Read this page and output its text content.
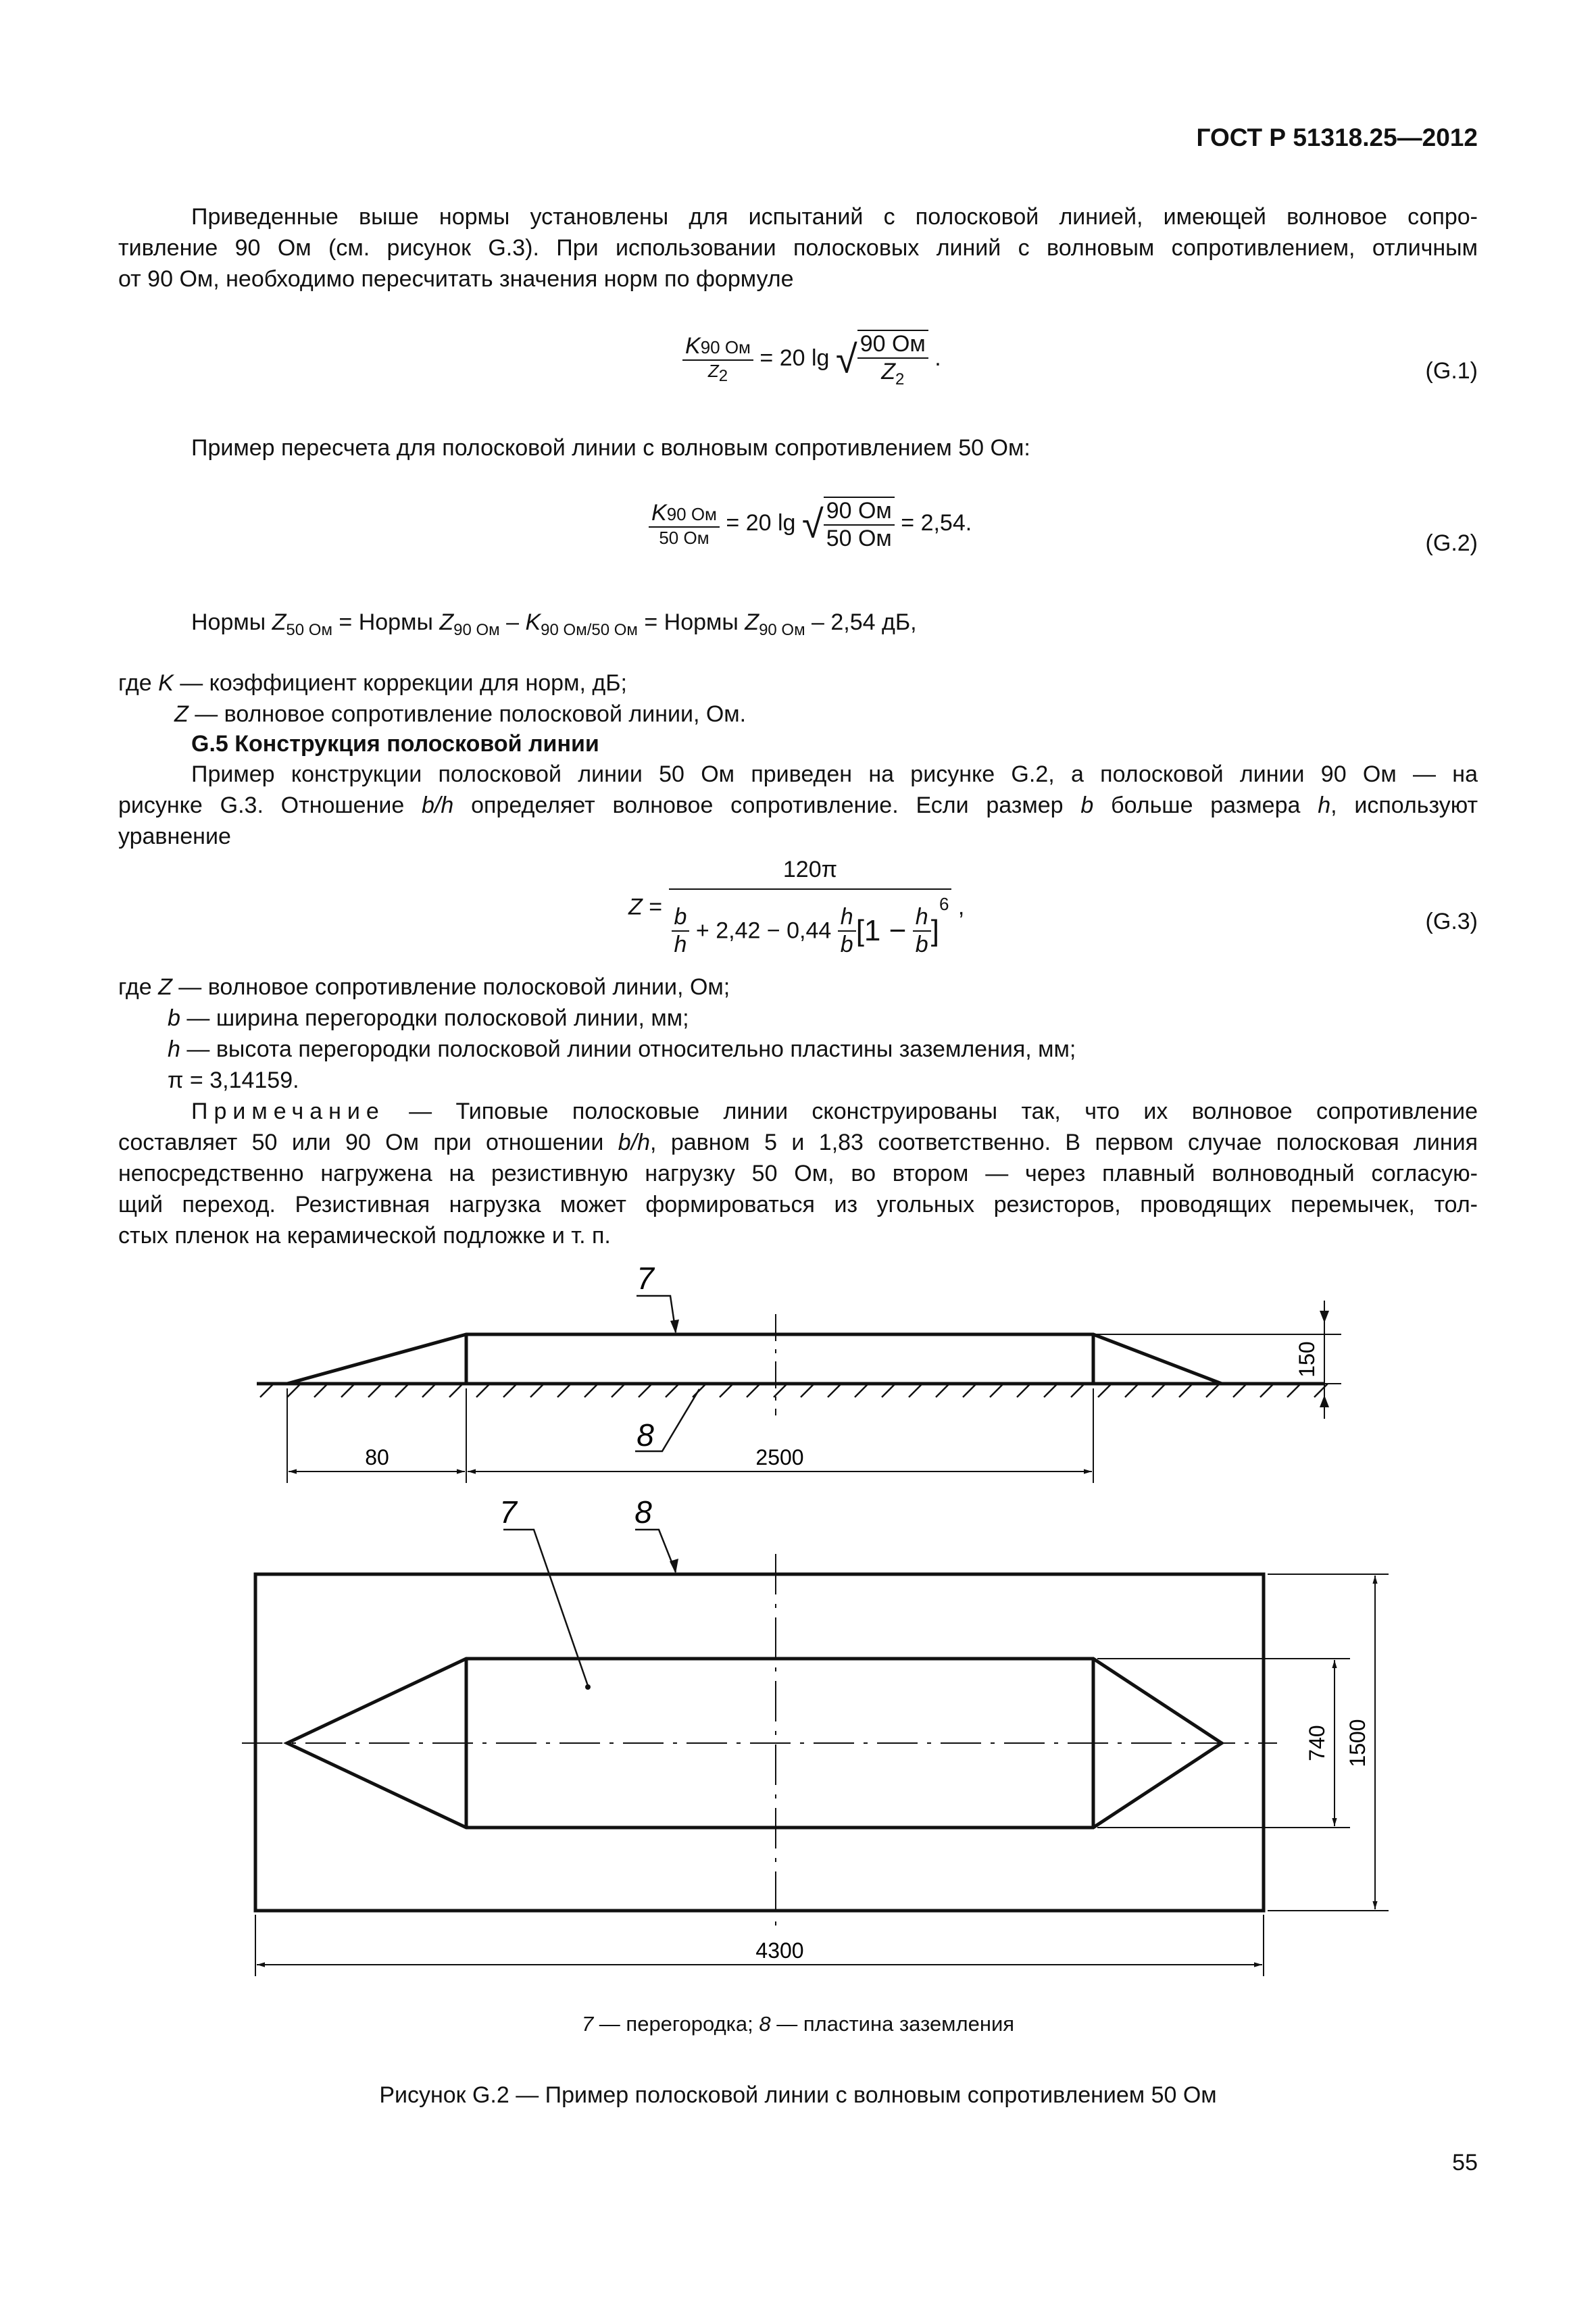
ГОСТ Р 51318.25—2012
Приведенные выше нормы установлены для испытаний с полосковой линией, имеющей волновое сопро-
тивление 90 Ом (см. рисунок G.3). При использовании полосковых линий с волновым сопротивлением, отличным
от 90 Ом, необходимо пересчитать значения норм по формуле
$\frac{K90 Ом}{Z_2} = 20$ lg √ $\frac{90 Ом}{Z_2}$ .
(G.1)
Пример пересчета для полосковой линии с волновым сопротивлением 50 Ом:
$\frac{K90 Ом}{50 Ом} = 20$ lg √ $\frac{90 Ом}{50 Ом} = 2,54$.
(G.2)
Нормы $Z_{50 Ом}$ = Нормы $Z_{90 Ом} - K_{90 Ом/50 Ом}$ = Нормы $Z_{90 Ом} - 2,54$ дБ,
где K — коэффициент коррекции для норм, дБ;
Z — волновое сопротивление полосковой линии, Ом.
G.5 Конструкция полосковой линии
Пример конструкции полосковой линии 50 Ом приведен на рисунке G.2, а полосковой линии 90 Ом — на
рисунке G.3. Отношение b/h определяет волновое сопротивление. Если размер b больше размера h, используют
уравнение
$Z = \frac{120\pi}{\frac{b}{h} + 2,42 - 0,44 \frac{h}{b} [1 - \frac{h}{b} ]^6}$ ,
(G.3)
где Z — волновое сопротивление полосковой линии, Ом;
b — ширина перегородки полосковой линии, мм;
h — высота перегородки полосковой линии относительно пластины заземления, мм;
π = 3,14159.
Примечание — Типовые полосковые линии сконструированы так, что их волновое сопротивление
составляет 50 или 90 Ом при отношении b/h, равном 5 и 1,83 соответственно. В первом случае полосковая линия
непосредственно нагружена на резистивную нагрузку 50 Ом, во втором — через плавный волноводный согласую-
щий переход. Резистивная нагрузка может формироваться из угольных резисторов, проводящих перемычек, тол-
стых пленок на керамической подложке и т. п.
7
8
150
80	2500
7	8
740 1500
4300
7 — перегородка; 8 — пластина заземления
Рисунок G.2 — Пример полосковой линии с волновым сопротивлением 50 Ом
55
